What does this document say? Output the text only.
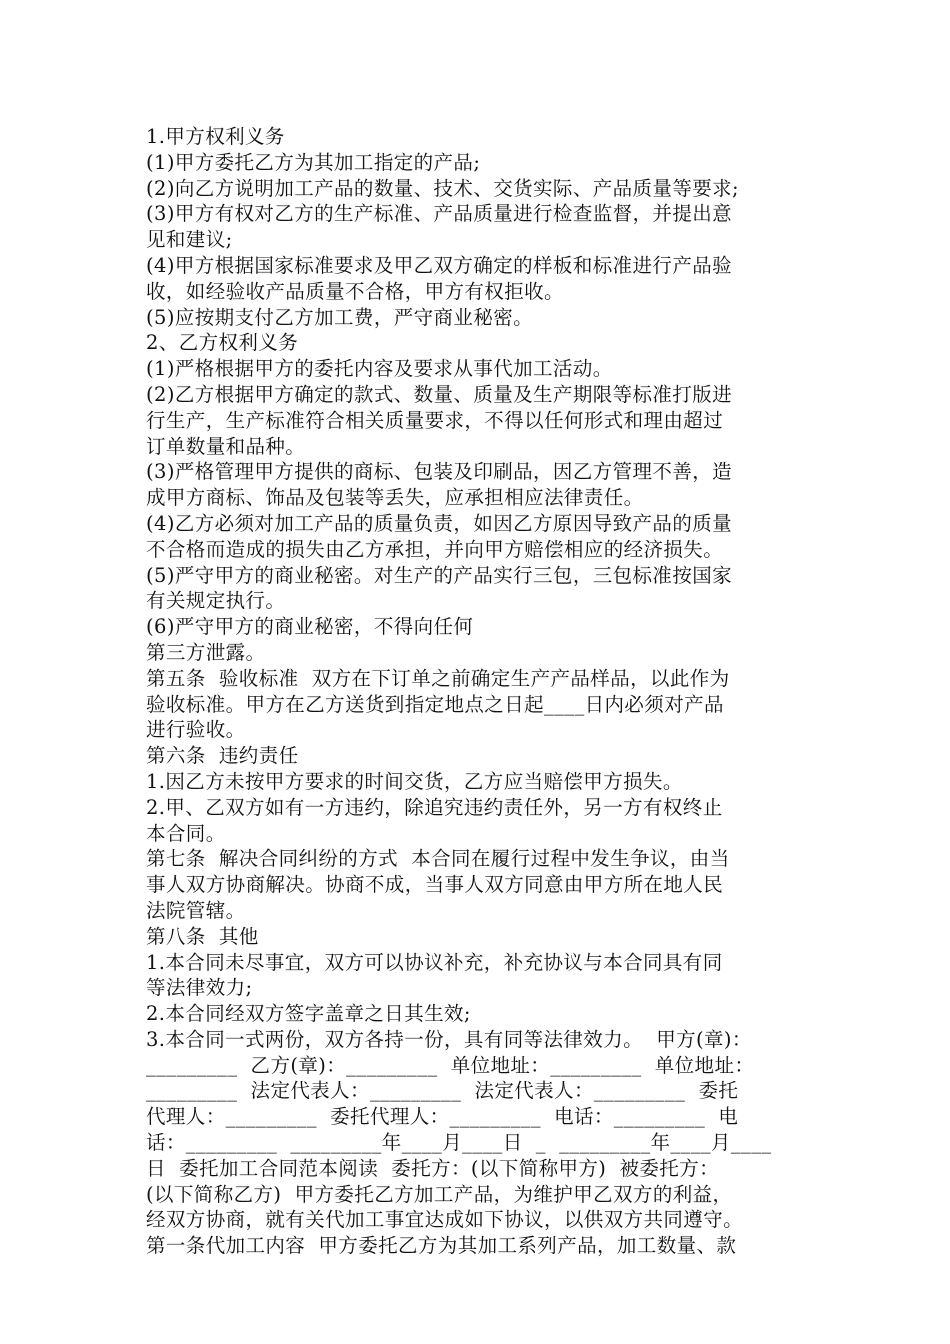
1.甲方权利义务
(1)甲方委托乙方为其加工指定的产品;
(2)向乙方说明加工产品的数量、技术、交货实际、产品质量等要求;
(3)甲方有权对乙方的生产标准、产品质量进行检查监督，并提出意
见和建议;
(4)甲方根据国家标准要求及甲乙双方确定的样板和标准进行产品验
收，如经验收产品质量不合格，甲方有权拒收。
(5)应按期支付乙方加工费，严守商业秘密。
2、乙方权利义务
(1)严格根据甲方的委托内容及要求从事代加工活动。
(2)乙方根据甲方确定的款式、数量、质量及生产期限等标准打版进
行生产，生产标准符合相关质量要求，不得以任何形式和理由超过
订单数量和品种。
(3)严格管理甲方提供的商标、包装及印刷品，因乙方管理不善，造
成甲方商标、饰品及包装等丢失，应承担相应法律责任。
(4)乙方必须对加工产品的质量负责，如因乙方原因导致产品的质量
不合格而造成的损失由乙方承担，并向甲方赔偿相应的经济损失。
(5)严守甲方的商业秘密。对生产的产品实行三包，三包标准按国家
有关规定执行。
(6)严守甲方的商业秘密，不得向任何
第三方泄露。
第五条  验收标准  双方在下订单之前确定生产产品样品，以此作为
验收标准。甲方在乙方送货到指定地点之日起____日内必须对产品
进行验收。
第六条  违约责任
1.因乙方未按甲方要求的时间交货，乙方应当赔偿甲方损失。
2.甲、乙双方如有一方违约，除追究违约责任外，另一方有权终止
本合同。
第七条  解决合同纠纷的方式  本合同在履行过程中发生争议，由当
事人双方协商解决。协商不成，当事人双方同意由甲方所在地人民
法院管辖。
第八条  其他
1.本合同未尽事宜，双方可以协议补充，补充协议与本合同具有同
等法律效力;
2.本合同经双方签字盖章之日其生效;
3.本合同一式两份，双方各持一份，具有同等法律效力。  甲方(章)：
_________  乙方(章)：_________  单位地址：_________  单位地址：
_________  法定代表人：_________  法定代表人：_________  委托
代理人：_________  委托代理人：_________  电话：_________  电
话：_________  _________年____月____日  _  _________年____月____
日  委托加工合同范本阅读  委托方：(以下简称甲方)  被委托方：
(以下简称乙方)  甲方委托乙方加工产品，为维护甲乙双方的利益，
经双方协商，就有关代加工事宜达成如下协议，以供双方共同遵守。
第一条代加工内容  甲方委托乙方为其加工系列产品，加工数量、款
